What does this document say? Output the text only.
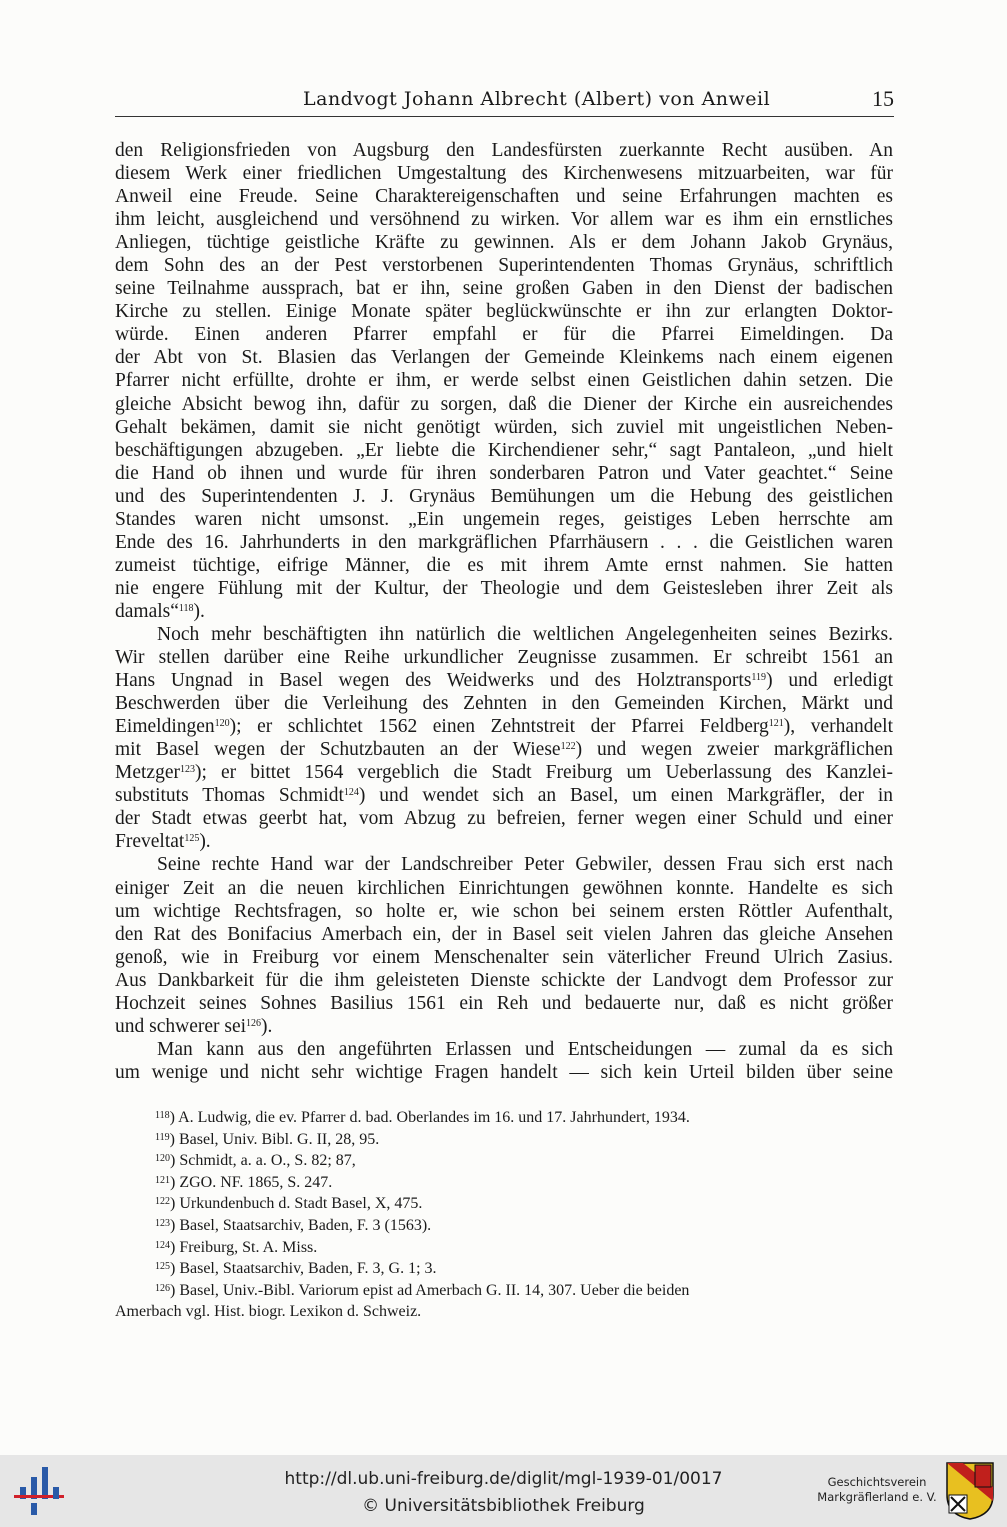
Landvogt Johann Albrecht (Albert) von Anweil	15

den Religionsfrieden von Augsburg den Landesfürsten zuerkannte Recht ausüben. An
diesem Werk einer friedlichen Umgestaltung des Kirchenwesens mitzuarbeiten, war für
Anweil eine Freude. Seine Charaktereigenschaften und seine Erfahrungen machten es
ihm leicht, ausgleichend und versöhnend zu wirken. Vor allem war es ihm ein ernstliches
Anliegen, tüchtige geistliche Kräfte zu gewinnen. Als er dem Johann Jakob Grynäus,
dem Sohn des an der Pest verstorbenen Superintendenten Thomas Grynäus, schriftlich
seine Teilnahme aussprach, bat er ihn, seine großen Gaben in den Dienst der badischen
Kirche zu stellen. Einige Monate später beglückwünschte er ihn zur erlangten Doktor-
würde. Einen anderen Pfarrer empfahl er für die Pfarrei Eimeldingen. Da
der Abt von St. Blasien das Verlangen der Gemeinde Kleinkems nach einem eigenen
Pfarrer nicht erfüllte, drohte er ihm, er werde selbst einen Geistlichen dahin setzen. Die
gleiche Absicht bewog ihn, dafür zu sorgen, daß die Diener der Kirche ein ausreichendes
Gehalt bekämen, damit sie nicht genötigt würden, sich zuviel mit ungeistlichen Neben-
beschäftigungen abzugeben. „Er liebte die Kirchendiener sehr,“ sagt Pantaleon, „und hielt
die Hand ob ihnen und wurde für ihren sonderbaren Patron und Vater geachtet.“ Seine
und des Superintendenten J. J. Grynäus Bemühungen um die Hebung des geistlichen
Standes waren nicht umsonst. „Ein ungemein reges, geistiges Leben herrschte am
Ende des 16. Jahrhunderts in den markgräflichen Pfarrhäusern . . . die Geistlichen waren
zumeist tüchtige, eifrige Männer, die es mit ihrem Amte ernst nahmen. Sie hatten
nie engere Fühlung mit der Kultur, der Theologie und dem Geistesleben ihrer Zeit als
damals“$^{118}$).

Noch mehr beschäftigten ihn natürlich die weltlichen Angelegenheiten seines Bezirks.
Wir stellen darüber eine Reihe urkundlicher Zeugnisse zusammen. Er schreibt 1561 an
Hans Ungnad in Basel wegen des Weidwerks und des Holztransports$^{119}$) und erledigt
Beschwerden über die Verleihung des Zehnten in den Gemeinden Kirchen, Märkt und
Eimeldingen$^{120}$); er schlichtet 1562 einen Zehntstreit der Pfarrei Feldberg$^{121}$), verhandelt
mit Basel wegen der Schutzbauten an der Wiese$^{122}$) und wegen zweier markgräflichen
Metzger$^{123}$); er bittet 1564 vergeblich die Stadt Freiburg um Ueberlassung des Kanzlei-
substituts Thomas Schmidt$^{124}$) und wendet sich an Basel, um einen Markgräfler, der in
der Stadt etwas geerbt hat, vom Abzug zu befreien, ferner wegen einer Schuld und einer
Freveltat$^{125}$).

Seine rechte Hand war der Landschreiber Peter Gebwiler, dessen Frau sich erst nach
einiger Zeit an die neuen kirchlichen Einrichtungen gewöhnen konnte. Handelte es sich
um wichtige Rechtsfragen, so holte er, wie schon bei seinem ersten Röttler Aufenthalt,
den Rat des Bonifacius Amerbach ein, der in Basel seit vielen Jahren das gleiche Ansehen
genoß, wie in Freiburg vor einem Menschenalter sein väterlicher Freund Ulrich Zasius.
Aus Dankbarkeit für die ihm geleisteten Dienste schickte der Landvogt dem Professor zur
Hochzeit seines Sohnes Basilius 1561 ein Reh und bedauerte nur, daß es nicht größer
und schwerer sei$^{126}$).

Man kann aus den angeführten Erlassen und Entscheidungen — zumal da es sich
um wenige und nicht sehr wichtige Fragen handelt — sich kein Urteil bilden über seine

$^{118}$) A. Ludwig, die ev. Pfarrer d. bad. Oberlandes im 16. und 17. Jahrhundert, 1934.
$^{119}$) Basel, Univ. Bibl. G. II, 28, 95.
$^{120}$) Schmidt, a. a. O., S. 82; 87,
$^{121}$) ZGO. NF. 1865, S. 247.
$^{122}$) Urkundenbuch d. Stadt Basel, X, 475.
$^{123}$) Basel, Staatsarchiv, Baden, F. 3 (1563).
$^{124}$) Freiburg, St. A. Miss.
$^{125}$) Basel, Staatsarchiv, Baden, F. 3, G. 1; 3.
$^{126}$) Basel, Univ.-Bibl. Variorum epist ad Amerbach G. II. 14, 307. Ueber die beiden
Amerbach vgl. Hist. biogr. Lexikon d. Schweiz.
http://dl.ub.uni-freiburg.de/diglit/mgl-1939-01/0017
© Universitätsbibliothek Freiburg
Geschichtsverein
Markgräflerland e. V.
